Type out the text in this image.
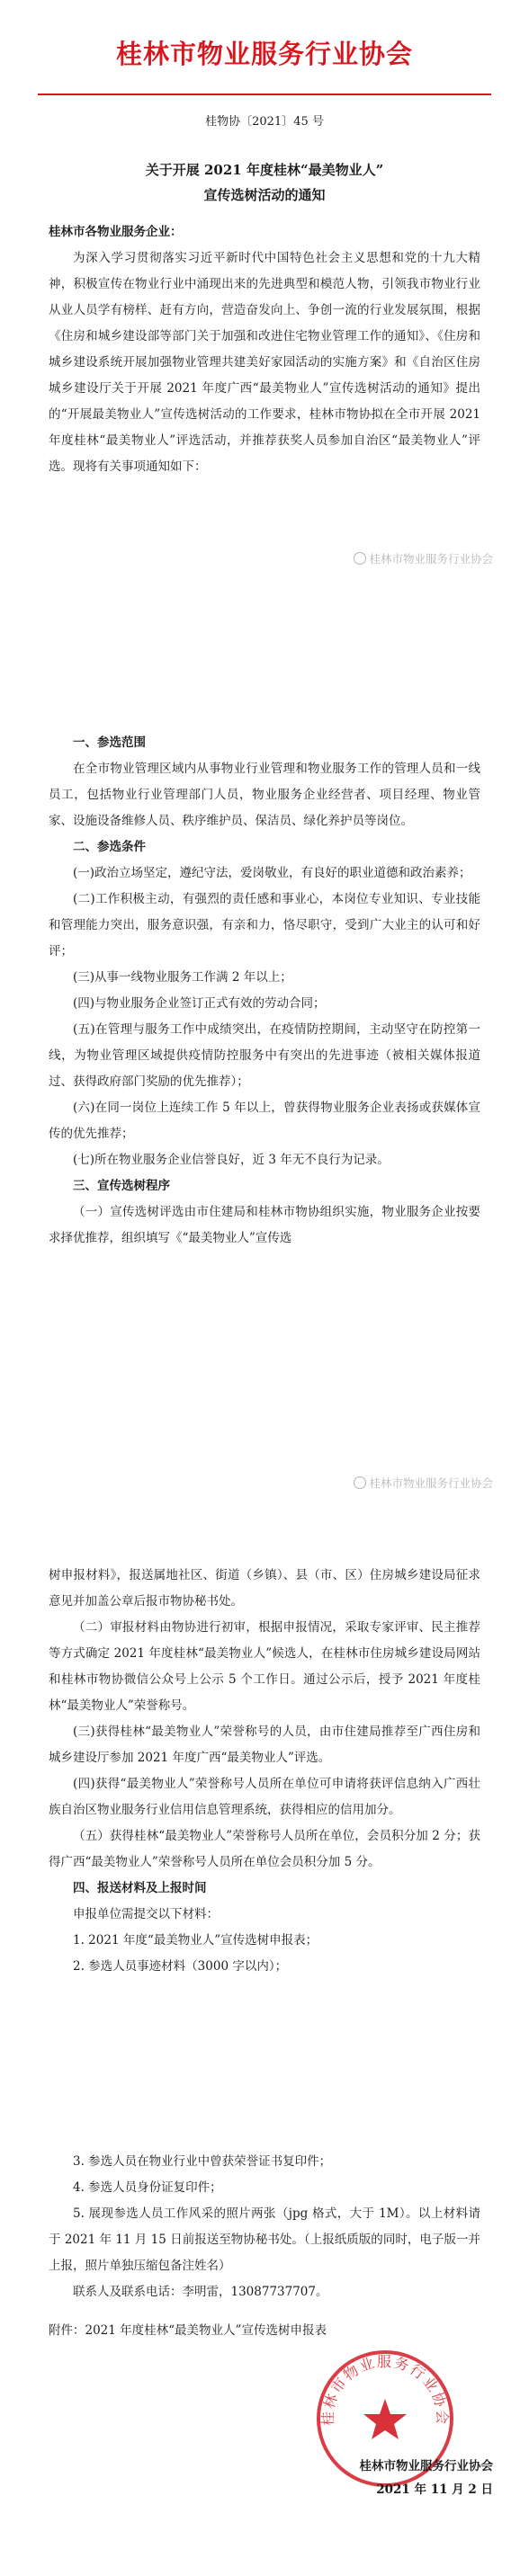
桂林市物业服务行业协会
桂物协〔2021〕45 号
关于开展 2021 年度桂林“最美物业人”
宣传选树活动的通知

桂林市各物业服务企业：

为深入学习贯彻落实习近平新时代中国特色社会主义思想和党的十九大精神，积极宣传在物业行业中涌现出来的先进典型和模范人物，引领我市物业行业从业人员学有榜样、赶有方向，营造奋发向上、争创一流的行业发展氛围，根据《住房和城乡建设部等部门关于加强和改进住宅物业管理工作的通知》、《住房和城乡建设系统开展加强物业管理共建美好家园活动的实施方案》和《自治区住房城乡建设厅关于开展 2021 年度广西“最美物业人”宣传选树活动的通知》提出的“开展最美物业人”宣传选树活动的工作要求，桂林市物协拟在全市开展 2021 年度桂林“最美物业人”评选活动，并推荐获奖人员参加自治区“最美物业人”评选。现将有关事项通知如下：

桂林市物业服务行业协会

一、参选范围

在全市物业管理区域内从事物业行业管理和物业服务工作的管理人员和一线员工，包括物业行业管理部门人员，物业服务企业经营者、项目经理、物业管家、设施设备维修人员、秩序维护员、保洁员、绿化养护员等岗位。

二、参选条件

(一)政治立场坚定，遵纪守法，爱岗敬业，有良好的职业道德和政治素养；

(二)工作积极主动，有强烈的责任感和事业心，本岗位专业知识、专业技能和管理能力突出，服务意识强，有亲和力，恪尽职守，受到广大业主的认可和好评；

(三)从事一线物业服务工作满 2 年以上；

(四)与物业服务企业签订正式有效的劳动合同；

(五)在管理与服务工作中成绩突出，在疫情防控期间，主动坚守在防控第一线，为物业管理区域提供疫情防控服务中有突出的先进事迹（被相关媒体报道过、获得政府部门奖励的优先推荐）；

(六)在同一岗位上连续工作 5 年以上，曾获得物业服务企业表扬或获媒体宣传的优先推荐；

(七)所在物业服务企业信誉良好，近 3 年无不良行为记录。

三、宣传选树程序

（一）宣传选树评选由市住建局和桂林市物协组织实施，物业服务企业按要求择优推荐，组织填写《“最美物业人”宣传选

桂林市物业服务行业协会

树申报材料》，报送属地社区、街道（乡镇）、县（市、区）住房城乡建设局征求意见并加盖公章后报市物协秘书处。

（二）审报材料由物协进行初审，根据申报情况，采取专家评审、民主推荐等方式确定 2021 年度桂林“最美物业人”候选人，在桂林市住房城乡建设局网站和桂林市物协微信公众号上公示 5 个工作日。通过公示后，授予 2021 年度桂林“最美物业人”荣誉称号。

(三)获得桂林“最美物业人”荣誉称号的人员，由市住建局推荐至广西住房和城乡建设厅参加 2021 年度广西“最美物业人”评选。

(四)获得“最美物业人”荣誉称号人员所在单位可申请将获评信息纳入广西壮族自治区物业服务行业信用信息管理系统，获得相应的信用加分。

（五）获得桂林“最美物业人”荣誉称号人员所在单位，会员积分加 2 分；获得广西“最美物业人”荣誉称号人员所在单位会员积分加 5 分。

四、报送材料及上报时间

申报单位需提交以下材料：

1. 2021 年度“最美物业人”宣传选树申报表；

2. 参选人员事迹材料（3000 字以内）；

3. 参选人员在物业行业中曾获荣誉证书复印件；

4. 参选人员身份证复印件；

5. 展现参选人员工作风采的照片两张（jpg 格式，大于 1M）。以上材料请于 2021 年 11 月 15 日前报送至物协秘书处。（上报纸质版的同时，电子版一并上报，照片单独压缩包备注姓名）

联系人及联系电话：李明雷，13087737707。

附件：2021 年度桂林“最美物业人”宣传选树申报表

桂林市物业服务行业协会
桂林市物业服务行业协会
2021 年 11 月 2 日
